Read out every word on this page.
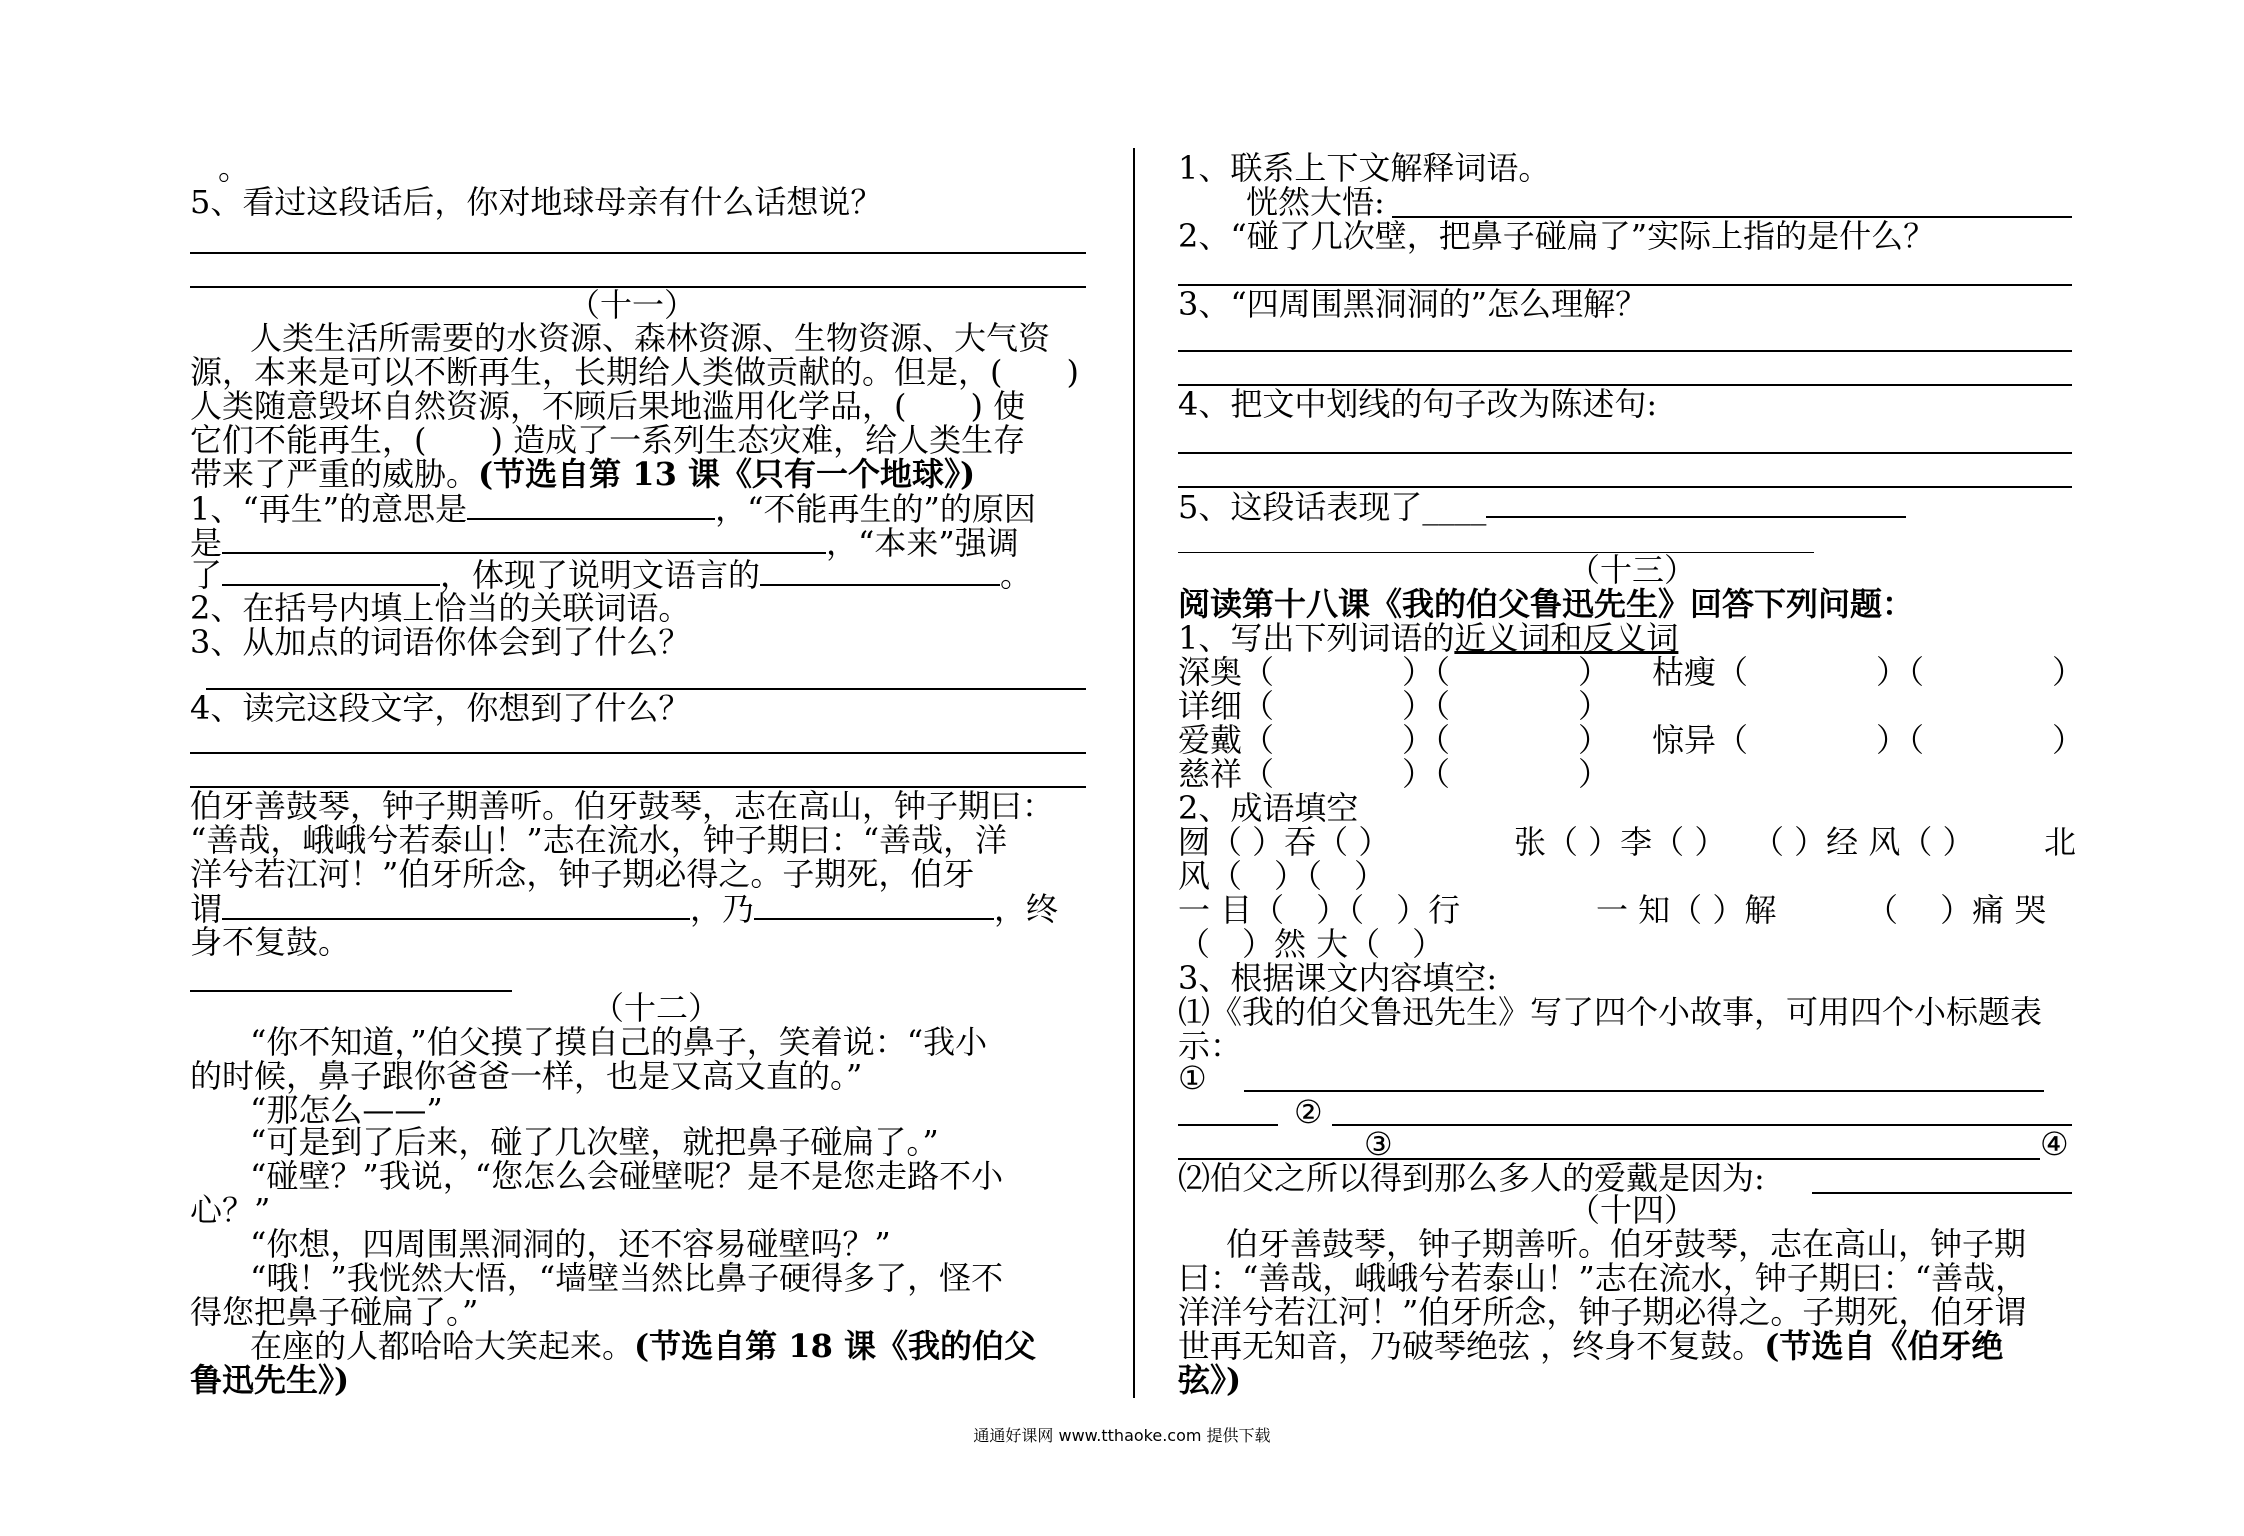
。
5、看过这段话后，你对地球母亲有什么话想说？
（十一）
人类生活所需要的水资源、森林资源、生物资源、大气资
源，本来是可以不断再生，长期给人类做贡献的。但是，(　　)
人类随意毁坏自然资源，不顾后果地滥用化学品，(　　) 使
它们不能再生，(　　) 造成了一系列生态灾难，给人类生存
带来了严重的威胁。(节选自第 13 课《只有一个地球》)
1、“再生”的意思是	，“不能再生的”的原因
是	，“本来”强调
了	，体现了说明文语言的	。
2、在括号内填上恰当的关联词语。
3、从加点的词语你体会到了什么？
4、读完这段文字，你想到了什么？
伯牙善鼓琴，钟子期善听。伯牙鼓琴，志在高山，钟子期曰：
“善哉，峨峨兮若泰山！”志在流水，钟子期曰：“善哉，洋
洋兮若江河！”伯牙所念，钟子期必得之。子期死，伯牙
谓	，乃	，终
身不复鼓。
（十二）
“你不知道，”伯父摸了摸自己的鼻子，笑着说：“我小
的时候，鼻子跟你爸爸一样，也是又高又直的。”
“那怎么——”
“可是到了后来，碰了几次壁，就把鼻子碰扁了。”
“碰壁？”我说，“您怎么会碰壁呢？是不是您走路不小
心？”
“你想，四周围黑洞洞的，还不容易碰壁吗？”
“哦！”我恍然大悟，“墙壁当然比鼻子硬得多了，怪不
得您把鼻子碰扁了。”
在座的人都哈哈大笑起来。(节选自第 18 课《我的伯父
鲁迅先生》)
1、联系上下文解释词语。
恍然大悟:
2、“碰了几次壁，把鼻子碰扁了”实际上指的是什么？
3、“四周围黑洞洞的”怎么理解？
4、把文中划线的句子改为陈述句:
5、这段话表现了____
（十三）
阅读第十八课《我的伯父鲁迅先生》回答下列问题：
1、写出下列词语的近义词和反义词
深奥（　　　　）（　　　　） 枯瘦（　　　　）（　　　　）
详细（　　　　）（　　　　）
爱戴（　　　　）（　　　　） 惊异（　　　　）（　　　　）
慈祥（　　　　）（　　　　）
2、成语填空
囫（ ）吞（ ）	张（ ）李（ ） （ ）经 风（ ） 北
风（　）（　）
一 目（　）（　）行	一 知（ ）解	（　 ）痛 哭
（　）然 大（　）
3、根据课文内容填空:
⑴《我的伯父鲁迅先生》写了四个小故事，可用四个小标题表
示：
①
②
③	④
⑵伯父之所以得到那么多人的爱戴是因为:
（十四）
伯牙善鼓琴，钟子期善听。伯牙鼓琴，志在高山，钟子期
曰：“善哉，峨峨兮若泰山！”志在流水，钟子期曰：“善哉，
洋洋兮若江河！”伯牙所念，钟子期必得之。子期死，伯牙谓
世再无知音，乃破琴绝弦 ，终身不复鼓。(节选自《伯牙绝
弦》)
通通好课网 www.tthaoke.com 提供下载
